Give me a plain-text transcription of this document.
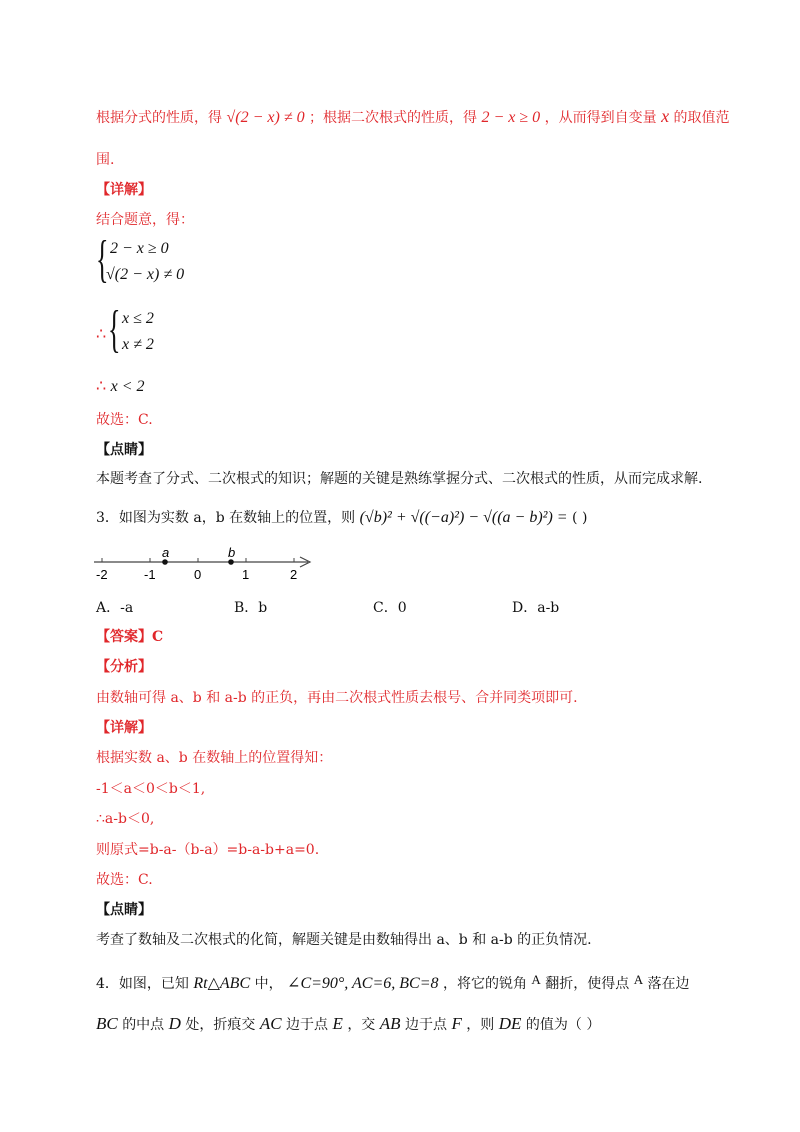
根据分式的性质，得 √(2 − x) ≠ 0 ；根据二次根式的性质，得 2 − x ≥ 0 ，从而得到自变量 x 的取值范
围.
【详解】
结合题意，得：
{ 2 − x ≥ 0
√(2 − x) ≠ 0
∴ { x ≤ 2
x ≠ 2
∴ x < 2
故选：C.
【点睛】
本题考查了分式、二次根式的知识；解题的关键是熟练掌握分式、二次根式的性质，从而完成求解.
3．如图为实数 a，b 在数轴上的位置，则 (√b)² + √((−a)²) − √((a − b)²) = ( )
a	b
-2	-1	0	1	2
A．-a	B．b	C．0	D．a-b
【答案】C
【分析】
由数轴可得 a、b 和 a-b 的正负，再由二次根式性质去根号、合并同类项即可.
【详解】
根据实数 a、b 在数轴上的位置得知：
-1＜a＜0＜b＜1,
∴a-b＜0,
则原式=b-a-（b-a）=b-a-b+a=0.
故选：C.
【点睛】
考查了数轴及二次根式的化简，解题关键是由数轴得出 a、b 和 a-b 的正负情况.
4．如图，已知 Rt△ABC 中， ∠C=90°, AC=6, BC=8 ，将它的锐角 A 翻折，使得点 A 落在边
BC 的中点 D 处，折痕交 AC 边于点 E ，交 AB 边于点 F ，则 DE 的值为（ ）
